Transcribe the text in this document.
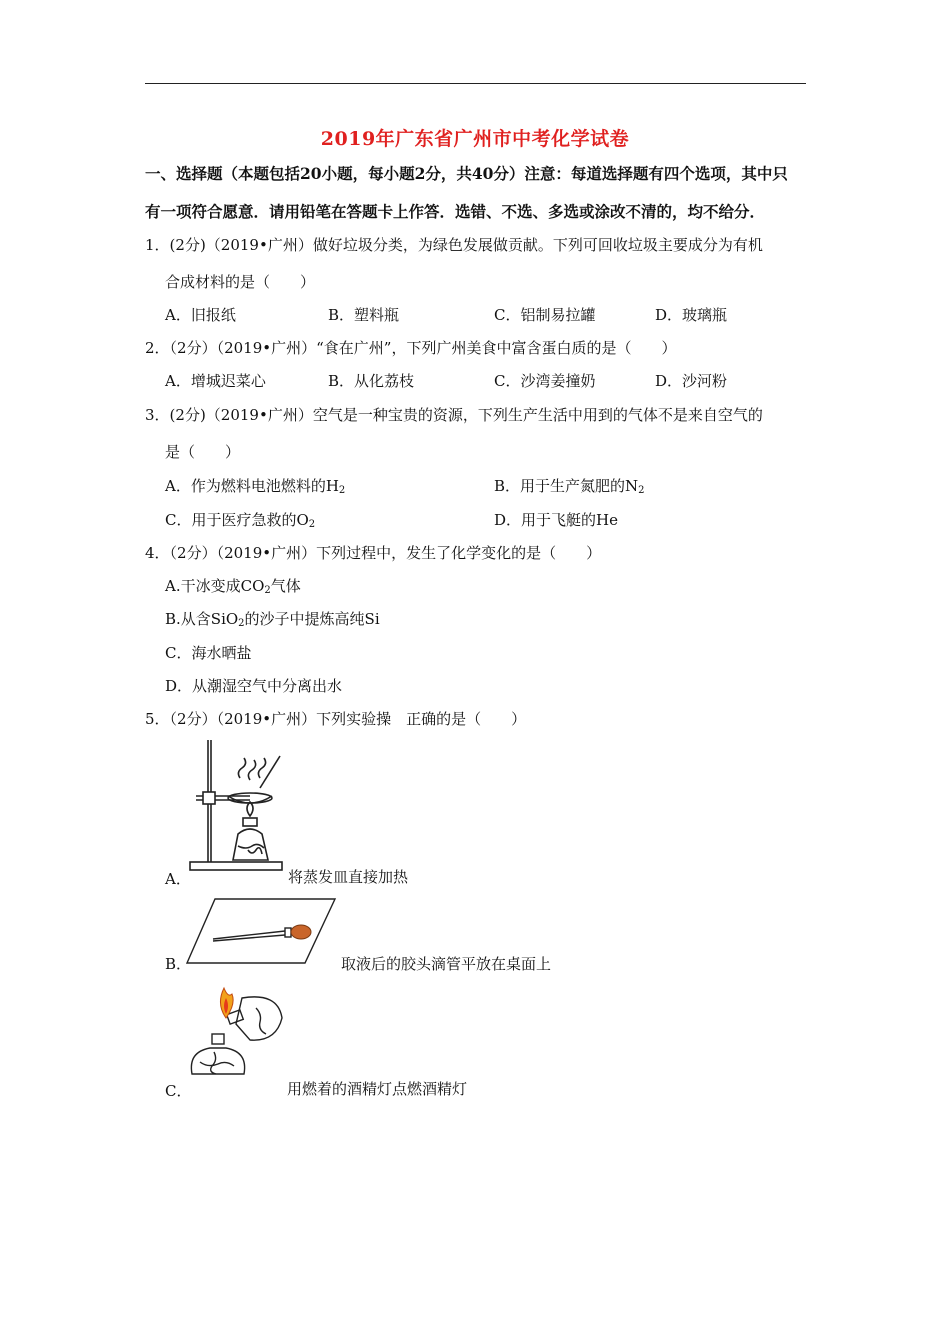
2019年广东省广州市中考化学试卷
一、选择题（本题包括20小题，每小题2分，共40分）注意：每道选择题有四个选项，其中只
有一项符合愿意．请用铅笔在答题卡上作答．选错、不选、多选或涂改不清的，均不给分．
1．(2分)（2019•广州）做好垃圾分类，为绿色发展做贡献。下列可回收垃圾主要成分为有机
合成材料的是（　　）
A．旧报纸	B．塑料瓶	C．铝制易拉罐	D．玻璃瓶
2．（2分）（2019•广州）“食在广州”，下列广州美食中富含蛋白质的是（　　）
A．增城迟菜心	B．从化荔枝	C．沙湾姜撞奶	D．沙河粉
3．(2分)（2019•广州）空气是一种宝贵的资源，下列生产生活中用到的气体不是来自空气的
是（　　）
A．作为燃料电池燃料的$H_2$	B．用于生产氮肥的$N_2$
C．用于医疗急救的$O_2$	D．用于飞艇的He
4．（2分）（2019•广州）下列过程中，发生了化学变化的是（　　）
A.干冰变成$CO_2$气体
B.从含SiO$_2$的沙子中提炼高纯Si
C．海水晒盐
D．从潮湿空气中分离出水
5．（2分）（2019•广州）下列实验操　正确的是（　　）
A．	将蒸发皿直接加热
B．	取液后的胶头滴管平放在桌面上
C．	用燃着的酒精灯点燃酒精灯
